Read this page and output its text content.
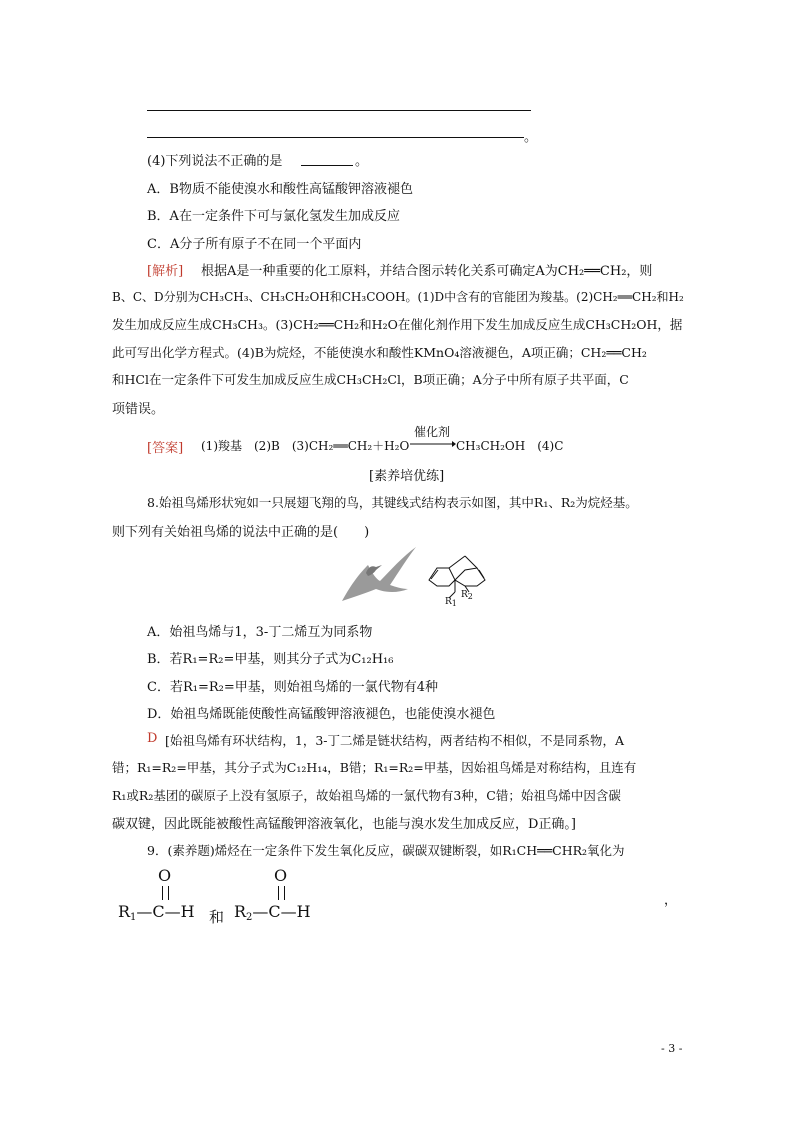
。
(4)下列说法不正确的是	。
A．B物质不能使溴水和酸性高锰酸钾溶液褪色
B．A在一定条件下可与氯化氢发生加成反应
C．A分子所有原子不在同一个平面内
[解析] 根据A是一种重要的化工原料，并结合图示转化关系可确定A为CH₂══CH₂，则
B、C、D分别为CH₃CH₃、CH₃CH₂OH和CH₃COOH。(1)D中含有的官能团为羧基。(2)CH₂══CH₂和H₂
发生加成反应生成CH₃CH₃。(3)CH₂══CH₂和H₂O在催化剂作用下发生加成反应生成CH₃CH₂OH，据
此可写出化学方程式。(4)B为烷烃，不能使溴水和酸性KMnO₄溶液褪色，A项正确；CH₂══CH₂
和HCl在一定条件下可发生加成反应生成CH₃CH₂Cl，B项正确；A分子中所有原子共平面，C
项错误。
[答案] (1)羧基　(2)B　(3)CH₂══CH₂＋H₂O
催化剂
→ CH₃CH₂OH　(4)C
[素养培优练]
8.始祖鸟烯形状宛如一只展翅飞翔的鸟，其键线式结构表示如图，其中R₁、R₂为烷烃基。
则下列有关始祖鸟烯的说法中正确的是(　　)
R2
R1
A．始祖鸟烯与1，3-丁二烯互为同系物
B．若R₁=R₂=甲基，则其分子式为C₁₂H₁₆
C．若R₁=R₂=甲基，则始祖鸟烯的一氯代物有4种
D．始祖鸟烯既能使酸性高锰酸钾溶液褪色，也能使溴水褪色
D [始祖鸟烯有环状结构，1，3-丁二烯是链状结构，两者结构不相似，不是同系物，A
错；R₁=R₂=甲基，其分子式为C₁₂H₁₄，B错；R₁=R₂=甲基，因始祖鸟烯是对称结构，且连有
R₁或R₂基团的碳原子上没有氢原子，故始祖鸟烯的一氯代物有3种，C错；始祖鸟烯中因含碳
碳双键，因此既能被酸性高锰酸钾溶液氧化，也能与溴水发生加成反应，D正确。]
9．(素养题)烯烃在一定条件下发生氧化反应，碳碳双键断裂，如R₁CH══CHR₂氧化为
O
R1—C—H 和
O
R2—C—H
，
- 3 -
